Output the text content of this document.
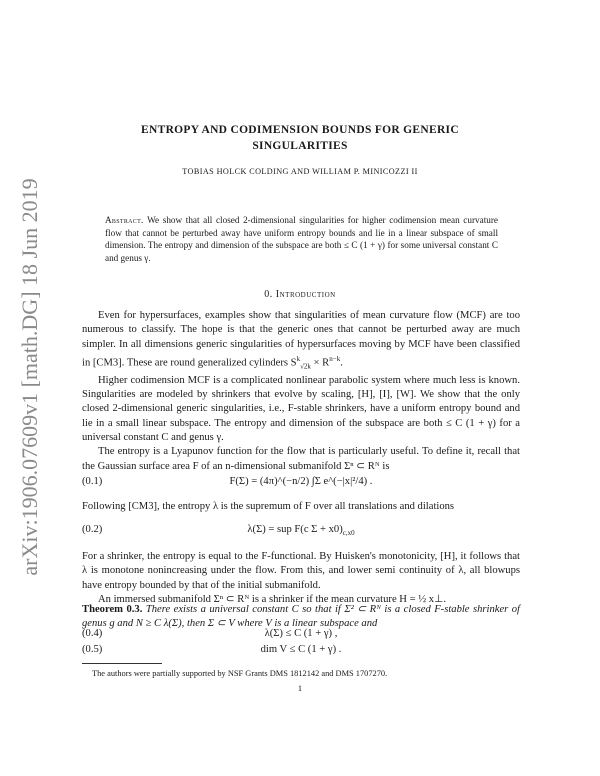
arXiv:1906.07609v1 [math.DG] 18 Jun 2019
ENTROPY AND CODIMENSION BOUNDS FOR GENERIC
SINGULARITIES
TOBIAS HOLCK COLDING AND WILLIAM P. MINICOZZI II
Abstract. We show that all closed 2-dimensional singularities for higher codimension mean curvature flow that cannot be perturbed away have uniform entropy bounds and lie in a linear subspace of small dimension. The entropy and dimension of the subspace are both ≤ C (1 + γ) for some universal constant C and genus γ.
0. Introduction

Even for hypersurfaces, examples show that singularities of mean curvature flow (MCF) are too numerous to classify. The hope is that the generic ones that cannot be perturbed away are much simpler. In all dimensions generic singularities of hypersurfaces moving by MCF have been classified in [CM3]. These are round generalized cylinders $S^k_{√2k} \times R^{n-k}$.

Higher codimension MCF is a complicated nonlinear parabolic system where much less is known. Singularities are modeled by shrinkers that evolve by scaling, [H], [I], [W]. We show that the only closed 2-dimensional generic singularities, i.e., F-stable shrinkers, have a uniform entropy bound and lie in a small linear subspace. The entropy and dimension of the subspace are both ≤ C (1 + γ) for a universal constant C and genus γ.

The entropy is a Lyapunov function for the flow that is particularly useful. To define it, recall that the Gaussian surface area F of an n-dimensional submanifold Σⁿ ⊂ Rᴺ is

(0.1)	F(Σ) = (4π)^(−n/2) ∫Σ e^(−|x|²/4) .
Following [CM3], the entropy λ is the supremum of F over all translations and dilations
(0.2)	λ(Σ) = sup F(c $\Sigma + x0)_{c,x0}$

For a shrinker, the entropy is equal to the F-functional. By Huisken's monotonicity, [H], it follows that λ is monotone nonincreasing under the flow. From this, and lower semi continuity of λ, all blowups have entropy bounded by that of the initial submanifold.

An immersed submanifold Σⁿ ⊂ Rᴺ is a shrinker if the mean curvature H = ½ x⊥.

Theorem 0.3. There exists a universal constant C so that if Σ² ⊂ Rᴺ is a closed F-stable shrinker of genus g and N ≥ C λ(Σ), then Σ ⊂ V where V is a linear subspace and
(0.4)	λ(Σ) ≤ C (1 + γ) ,
(0.5)	dim V ≤ C (1 + γ) .
The authors were partially supported by NSF Grants DMS 1812142 and DMS 1707270.
1
